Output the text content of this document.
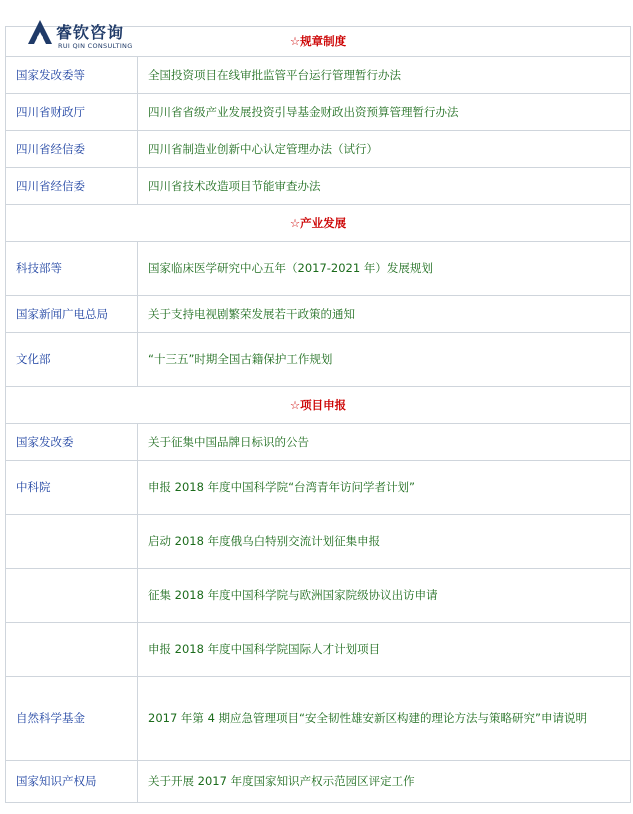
☆规章制度	
国家发改委等	全国投资项目在线审批监管平台运行管理暂行办法
四川省财政厅	四川省省级产业发展投资引导基金财政出资预算管理暂行办法
四川省经信委	四川省制造业创新中心认定管理办法（试行）
四川省经信委	四川省技术改造项目节能审查办法
☆产业发展	
科技部等	国家临床医学研究中心五年（2017-2021 年）发展规划
国家新闻广电总局	关于支持电视剧繁荣发展若干政策的通知
文化部	“十三五”时期全国古籍保护工作规划
☆项目申报	
国家发改委	关于征集中国品牌日标识的公告
中科院	申报 2018 年度中国科学院“台湾青年访问学者计划”
	启动 2018 年度俄乌白特别交流计划征集申报
	征集 2018 年度中国科学院与欧洲国家院级协议出访申请
	申报 2018 年度中国科学院国际人才计划项目
自然科学基金	2017 年第 4 期应急管理项目“安全韧性雄安新区构建的理论方法与策略研究”申请说明
国家知识产权局	关于开展 2017 年度国家知识产权示范园区评定工作
睿钦咨询
RUI QIN CONSULTING
